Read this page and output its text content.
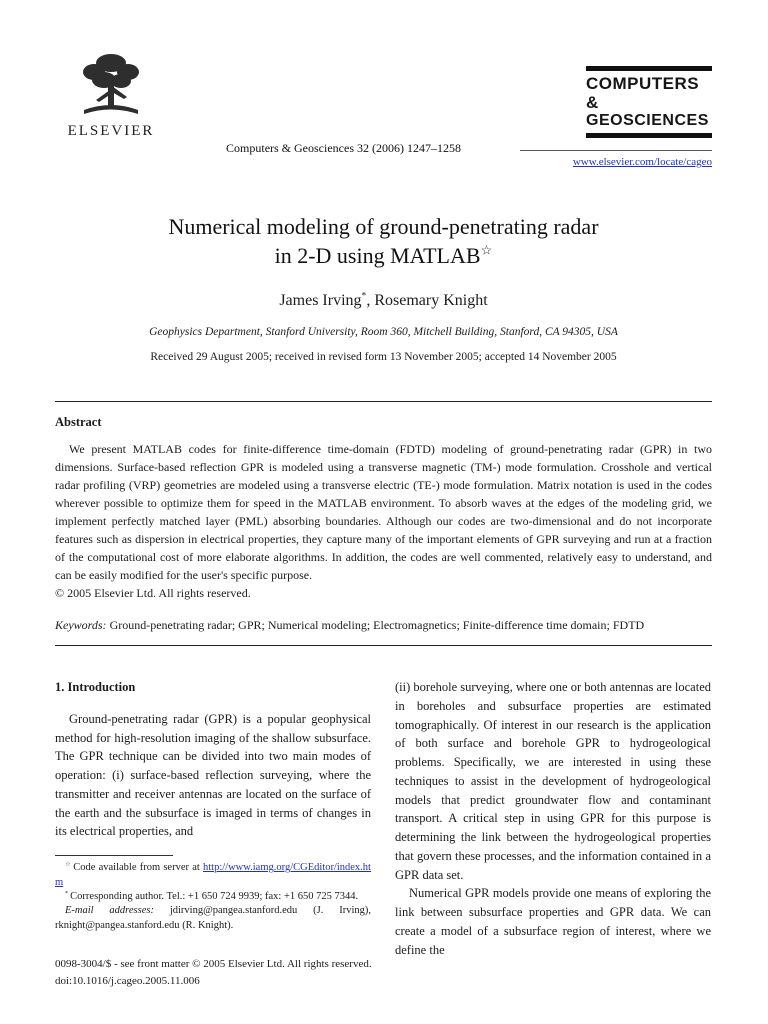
ELSEVIER
Computers & Geosciences 32 (2006) 1247–1258
COMPUTERS &
GEOSCIENCES
www.elsevier.com/locate/cageo
Numerical modeling of ground-penetrating radar
in 2-D using MATLAB☆
James Irving*, Rosemary Knight
Geophysics Department, Stanford University, Room 360, Mitchell Building, Stanford, CA 94305, USA
Received 29 August 2005; received in revised form 13 November 2005; accepted 14 November 2005
Abstract

We present MATLAB codes for finite-difference time-domain (FDTD) modeling of ground-penetrating radar (GPR) in two dimensions. Surface-based reflection GPR is modeled using a transverse magnetic (TM-) mode formulation. Crosshole and vertical radar profiling (VRP) geometries are modeled using a transverse electric (TE-) mode formulation. Matrix notation is used in the codes wherever possible to optimize them for speed in the MATLAB environment. To absorb waves at the edges of the modeling grid, we implement perfectly matched layer (PML) absorbing boundaries. Although our codes are two-dimensional and do not incorporate features such as dispersion in electrical properties, they capture many of the important elements of GPR surveying and run at a fraction of the computational cost of more elaborate algorithms. In addition, the codes are well commented, relatively easy to understand, and can be easily modified for the user's specific purpose.

© 2005 Elsevier Ltd. All rights reserved.

Keywords: Ground-penetrating radar; GPR; Numerical modeling; Electromagnetics; Finite-difference time domain; FDTD
1. Introduction

Ground-penetrating radar (GPR) is a popular geophysical method for high-resolution imaging of the shallow subsurface. The GPR technique can be divided into two main modes of operation: (i) surface-based reflection surveying, where the transmitter and receiver antennas are located on the surface of the earth and the subsurface is imaged in terms of changes in its electrical properties, and

☆ Code available from server at http://www.iamg.org/CGEditor/index.htm

* Corresponding author. Tel.: +1 650 724 9939; fax: +1 650 725 7344.

E-mail addresses: jdirving@pangea.stanford.edu (J. Irving), rknight@pangea.stanford.edu (R. Knight).

(ii) borehole surveying, where one or both antennas are located in boreholes and subsurface properties are estimated tomographically. Of interest in our research is the application of both surface and borehole GPR to hydrogeological problems. Specifically, we are interested in using these techniques to assist in the development of hydrogeological models that predict groundwater flow and contaminant transport. A critical step in using GPR for this purpose is determining the link between the hydrogeological properties that govern these processes, and the information contained in a GPR data set.

Numerical GPR models provide one means of exploring the link between subsurface properties and GPR data. We can create a model of a subsurface region of interest, where we define the

0098-3004/$ - see front matter © 2005 Elsevier Ltd. All rights reserved.
doi:10.1016/j.cageo.2005.11.006
